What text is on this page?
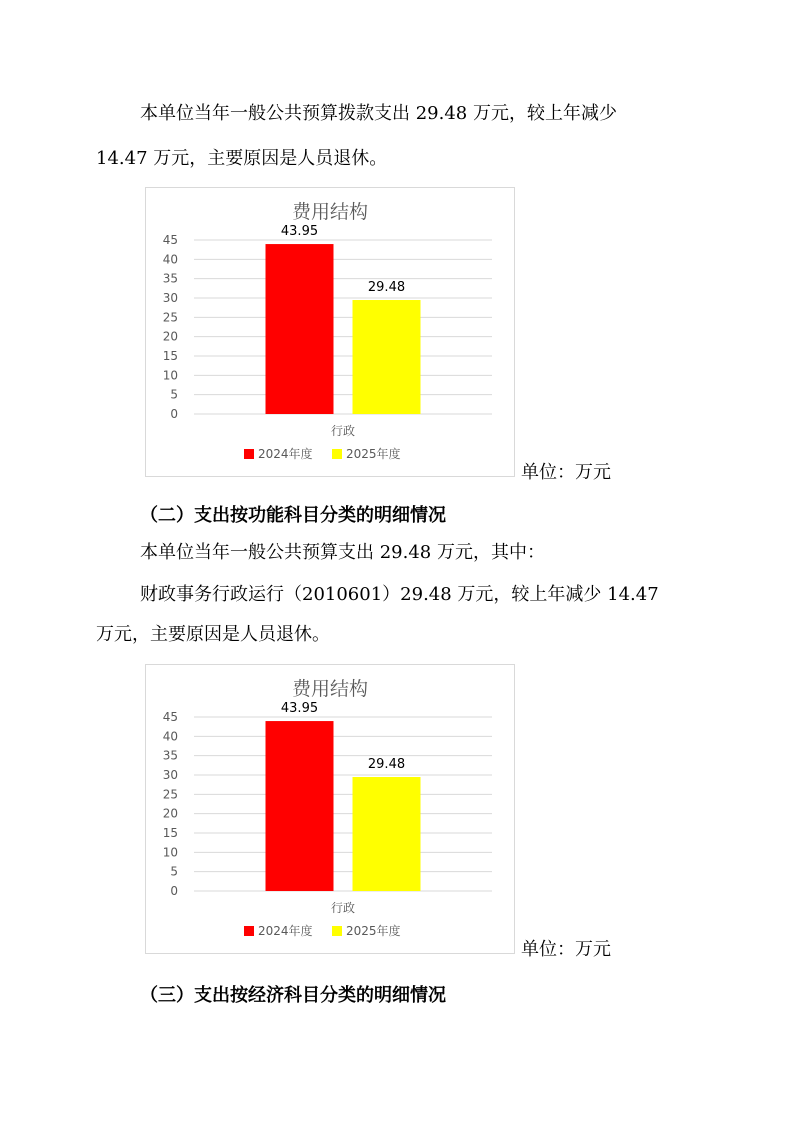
本单位当年一般公共预算拨款支出 29.48 万元，较上年减少
14.47 万元，主要原因是人员退休。
费用结构
0
5
10
15
20
25
30
35
40
45
43.95
29.48
行政
2024年度	2025年度
单位：万元
（二）支出按功能科目分类的明细情况
本单位当年一般公共预算支出 29.48 万元，其中：
财政事务行政运行（2010601）29.48 万元，较上年减少 14.47
万元，主要原因是人员退休。
费用结构
0
5
10
15
20
25
30
35
40
45
43.95
29.48
行政
2024年度	2025年度
单位：万元
（三）支出按经济科目分类的明细情况
